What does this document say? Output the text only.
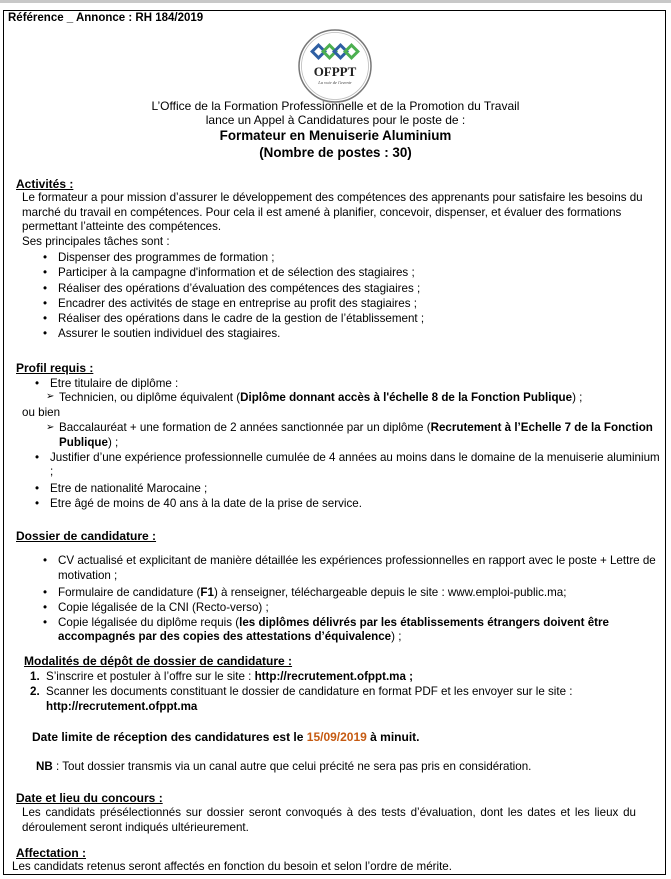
Référence _ Annonce : RH 184/2019
OFPPT
La voie de l'avenir
L’Office de la Formation Professionnelle et de la Promotion du Travail
lance un Appel à Candidatures pour le poste de :
Formateur en Menuiserie Aluminium
(Nombre de postes : 30)
Activités :
Le formateur a pour mission d’assurer le développement des compétences des apprenants pour satisfaire les besoins du marché du travail en compétences. Pour cela il est amené à planifier, concevoir, dispenser, et évaluer des formations permettant l’atteinte des compétences.
Ses principales tâches sont :
• Dispenser des programmes de formation ;
• Participer à la campagne d'information et de sélection des stagiaires ;
• Réaliser des opérations d’évaluation des compétences des stagiaires ;
• Encadrer des activités de stage en entreprise au profit des stagiaires ;
• Réaliser des opérations dans le cadre de la gestion de l’établissement ;
• Assurer le soutien individuel des stagiaires.
Profil requis :
• Etre titulaire de diplôme :
➢ Technicien, ou diplôme équivalent (Diplôme donnant accès à l'échelle 8 de la Fonction Publique) ;
ou bien
➢ Baccalauréat + une formation de 2 années sanctionnée par un diplôme (Recrutement à l’Echelle 7 de la Fonction Publique) ;
• Justifier d’une expérience professionnelle cumulée de 4 années au moins dans le domaine de la menuiserie aluminium ;
• Etre de nationalité Marocaine ;
• Etre âgé de moins de 40 ans à la date de la prise de service.
Dossier de candidature :
• CV actualisé et explicitant de manière détaillée les expériences professionnelles en rapport avec le poste + Lettre de motivation ;
• Formulaire de candidature (F1) à renseigner, téléchargeable depuis le site : www.emploi-public.ma;
• Copie légalisée de la CNI (Recto-verso) ;
• Copie légalisée du diplôme requis (les diplômes délivrés par les établissements étrangers doivent être accompagnés par des copies des attestations d’équivalence) ;
Modalités de dépôt de dossier de candidature :
1. S’inscrire et postuler à l’offre sur le site : http://recrutement.ofppt.ma ;
2. Scanner les documents constituant le dossier de candidature en format PDF et les envoyer sur le site :
http://recrutement.ofppt.ma
Date limite de réception des candidatures est le 15/09/2019 à minuit.
NB : Tout dossier transmis via un canal autre que celui précité ne sera pas pris en considération.
Date et lieu du concours :
Les candidats présélectionnés sur dossier seront convoqués à des tests d’évaluation, dont les dates et les lieux du déroulement seront indiqués ultérieurement.
Affectation :
Les candidats retenus seront affectés en fonction du besoin et selon l’ordre de mérite.
